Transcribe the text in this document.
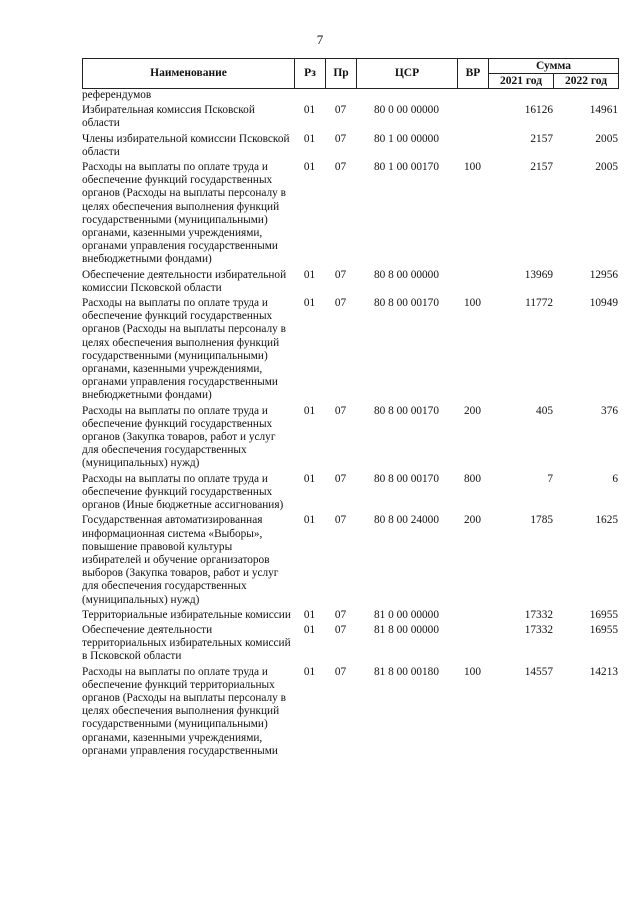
7
Наименование	Рз	Пр	ЦСР	ВР	Сумма	
					2021 год	2022 год
референдумов						
Избирательная комиссия Псковской области	01	07	80 0 00 00000		16126	14961
Члены избирательной комиссии Псковской области	01	07	80 1 00 00000		2157	2005
Расходы на выплаты по оплате труда и обеспечение функций государственных органов (Расходы на выплаты персоналу в целях обеспечения выполнения функций государственными (муниципальными) органами, казенными учреждениями, органами управления государственными внебюджетными фондами)	01	07	80 1 00 00170	100	2157	2005
Обеспечение деятельности избирательной комиссии Псковской области	01	07	80 8 00 00000		13969	12956
Расходы на выплаты по оплате труда и обеспечение функций государственных органов (Расходы на выплаты персоналу в целях обеспечения выполнения функций государственными (муниципальными) органами, казенными учреждениями, органами управления государственными внебюджетными фондами)	01	07	80 8 00 00170	100	11772	10949
Расходы на выплаты по оплате труда и обеспечение функций государственных органов (Закупка товаров, работ и услуг для обеспечения государственных (муниципальных) нужд)	01	07	80 8 00 00170	200	405	376
Расходы на выплаты по оплате труда и обеспечение функций государственных органов (Иные бюджетные ассигнования)	01	07	80 8 00 00170	800	7	6
Государственная автоматизированная информационная система «Выборы», повышение правовой культуры избирателей и обучение организаторов выборов (Закупка товаров, работ и услуг для обеспечения государственных (муниципальных) нужд)	01	07	80 8 00 24000	200	1785	1625
Территориальные избирательные комиссии	01	07	81 0 00 00000		17332	16955
Обеспечение деятельности территориальных избирательных комиссий в Псковской области	01	07	81 8 00 00000		17332	16955
Расходы на выплаты по оплате труда и обеспечение функций территориальных органов (Расходы на выплаты персоналу в целях обеспечения выполнения функций государственными (муниципальными) органами, казенными учреждениями, органами управления государственными	01	07	81 8 00 00180	100	14557	14213
